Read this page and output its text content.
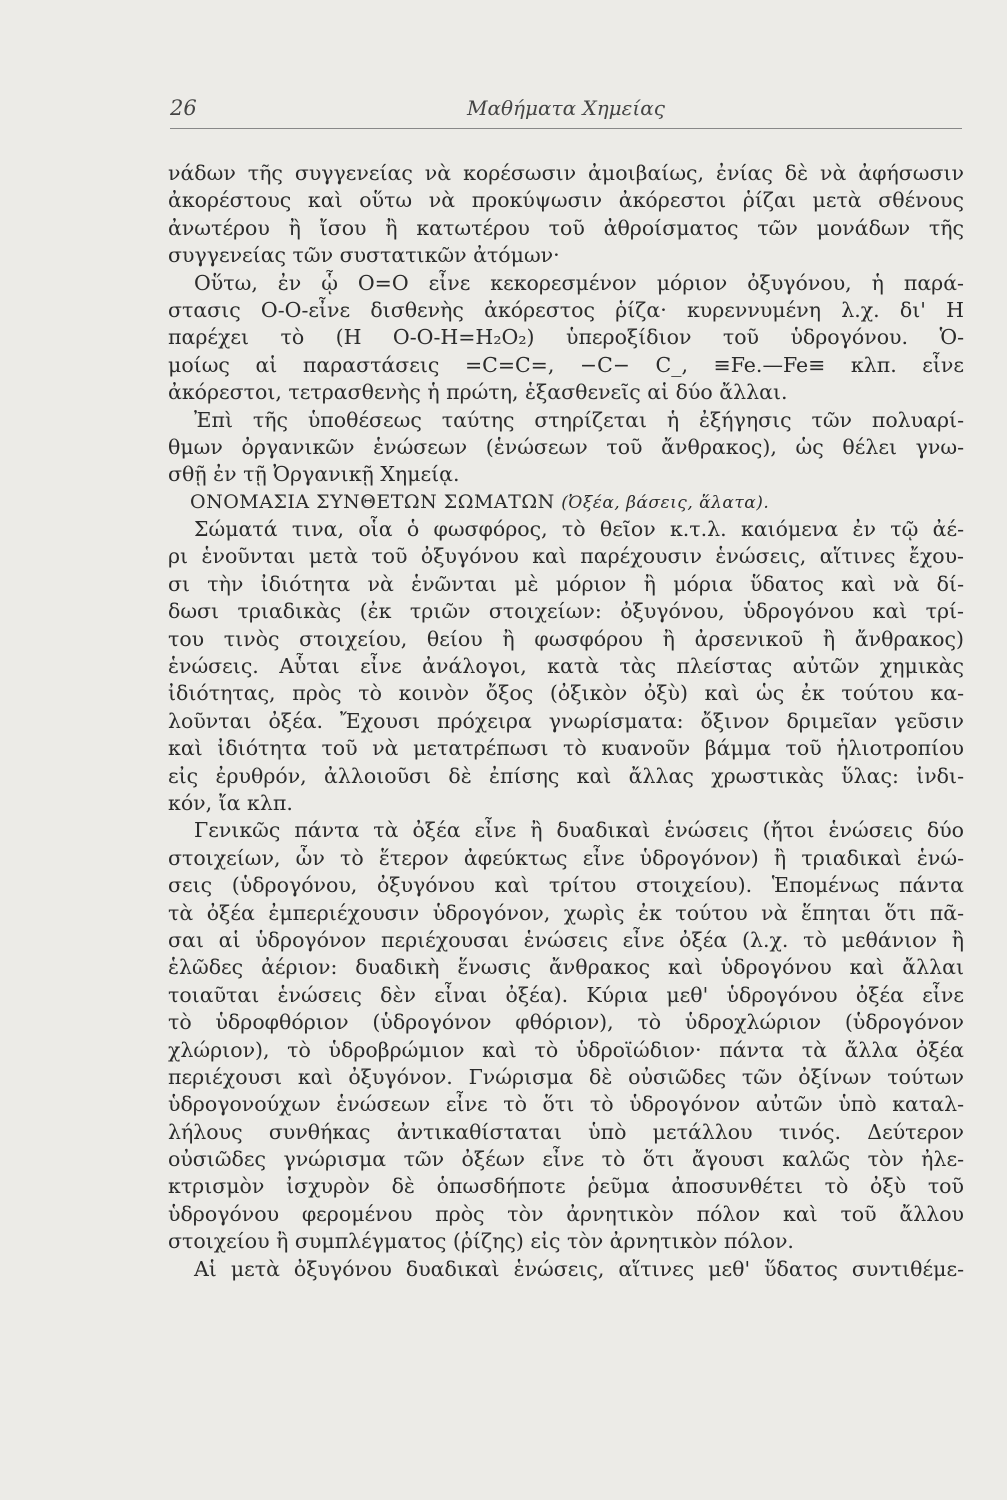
26	Μαθήματα Χημείας
νάδων τῆς συγγενείας νὰ κορέσωσιν ἀμοιβαίως, ἐνίας δὲ νὰ ἀφήσωσιν
ἀκορέστους καὶ οὕτω νὰ προκύψωσιν ἀκόρεστοι ῥίζαι μετὰ σθένους
ἀνωτέρου ἢ ἴσου ἢ κατωτέρου τοῦ ἀθροίσματος τῶν μονάδων τῆς
συγγενείας τῶν συστατικῶν ἀτόμων·
Οὕτω, ἐν ᾧ Ο=Ο εἶνε κεκορεσμένον μόριον ὀξυγόνου, ἡ παρά-
στασις Ο-Ο-εἶνε δισθενὴς ἀκόρεστος ῥίζα· κυρεννυμένη λ.χ. δι' Η
παρέχει τὸ (Η Ο-Ο-Η=Η₂Ο₂) ὑπεροξίδιον τοῦ ὑδρογόνου. Ὁ-
μοίως αἱ παραστάσεις =C=C=, −C− C_, ≡Fe.—Fe≡ κλπ. εἶνε
ἀκόρεστοι, τετρασθενὴς ἡ πρώτη, ἑξασθενεῖς αἱ δύο ἄλλαι.
Ἐπὶ τῆς ὑποθέσεως ταύτης στηρίζεται ἡ ἐξήγησις τῶν πολυαρί-
θμων ὀργανικῶν ἑνώσεων (ἑνώσεων τοῦ ἄνθρακος), ὡς θέλει γνω-
σθῇ ἐν τῇ Ὀργανικῇ Χημείᾳ.
ΟΝΟΜΑΣΙΑ ΣΥΝΘΕΤΩΝ ΣΩΜΑΤΩΝ (Ὀξέα, βάσεις, ἅλατα).
Σώματά τινα, οἷα ὁ φωσφόρος, τὸ θεῖον κ.τ.λ. καιόμενα ἐν τῷ ἀέ-
ρι ἑνοῦνται μετὰ τοῦ ὀξυγόνου καὶ παρέχουσιν ἑνώσεις, αἵτινες ἔχου-
σι τὴν ἰδιότητα νὰ ἑνῶνται μὲ μόριον ἢ μόρια ὕδατος καὶ νὰ δί-
δωσι τριαδικὰς (ἐκ τριῶν στοιχείων: ὀξυγόνου, ὑδρογόνου καὶ τρί-
του τινὸς στοιχείου, θείου ἢ φωσφόρου ἢ ἀρσενικοῦ ἢ ἄνθρακος)
ἑνώσεις. Αὗται εἶνε ἀνάλογοι, κατὰ τὰς πλείστας αὐτῶν χημικὰς
ἰδιότητας, πρὸς τὸ κοινὸν ὄξος (ὀξικὸν ὀξὺ) καὶ ὡς ἐκ τούτου κα-
λοῦνται ὀξέα. Ἔχουσι πρόχειρα γνωρίσματα: ὄξινον δριμεῖαν γεῦσιν
καὶ ἰδιότητα τοῦ νὰ μετατρέπωσι τὸ κυανοῦν βάμμα τοῦ ἡλιοτροπίου
εἰς ἐρυθρόν, ἀλλοιοῦσι δὲ ἐπίσης καὶ ἄλλας χρωστικὰς ὕλας: ἰνδι-
κόν, ἴα κλπ.
Γενικῶς πάντα τὰ ὀξέα εἶνε ἢ δυαδικαὶ ἑνώσεις (ἤτοι ἑνώσεις δύο
στοιχείων, ὧν τὸ ἕτερον ἀφεύκτως εἶνε ὑδρογόνον) ἢ τριαδικαὶ ἑνώ-
σεις (ὑδρογόνου, ὀξυγόνου καὶ τρίτου στοιχείου). Ἑπομένως πάντα
τὰ ὀξέα ἐμπεριέχουσιν ὑδρογόνον, χωρὶς ἐκ τούτου νὰ ἕπηται ὅτι πᾶ-
σαι αἱ ὑδρογόνον περιέχουσαι ἑνώσεις εἶνε ὀξέα (λ.χ. τὸ μεθάνιον ἢ
ἑλῶδες ἀέριον: δυαδικὴ ἕνωσις ἄνθρακος καὶ ὑδρογόνου καὶ ἄλλαι
τοιαῦται ἑνώσεις δὲν εἶναι ὀξέα). Κύρια μεθ' ὑδρογόνου ὀξέα εἶνε
τὸ ὑδροφθόριον (ὑδρογόνον φθόριον), τὸ ὑδροχλώριον (ὑδρογόνον
χλώριον), τὸ ὑδροβρώμιον καὶ τὸ ὑδροϊώδιον· πάντα τὰ ἄλλα ὀξέα
περιέχουσι καὶ ὀξυγόνον. Γνώρισμα δὲ οὐσιῶδες τῶν ὀξίνων τούτων
ὑδρογονούχων ἑνώσεων εἶνε τὸ ὅτι τὸ ὑδρογόνον αὐτῶν ὑπὸ καταλ-
λήλους συνθήκας ἀντικαθίσταται ὑπὸ μετάλλου τινός. Δεύτερον
οὐσιῶδες γνώρισμα τῶν ὀξέων εἶνε τὸ ὅτι ἄγουσι καλῶς τὸν ἠλε-
κτρισμὸν ἰσχυρὸν δὲ ὁπωσδήποτε ῥεῦμα ἀποσυνθέτει τὸ ὀξὺ τοῦ
ὑδρογόνου φερομένου πρὸς τὸν ἀρνητικὸν πόλον καὶ τοῦ ἄλλου
στοιχείου ἢ συμπλέγματος (ῥίζης) εἰς τὸν ἀρνητικὸν πόλον.
Αἱ μετὰ ὀξυγόνου δυαδικαὶ ἑνώσεις, αἵτινες μεθ' ὕδατος συντιθέμε-
